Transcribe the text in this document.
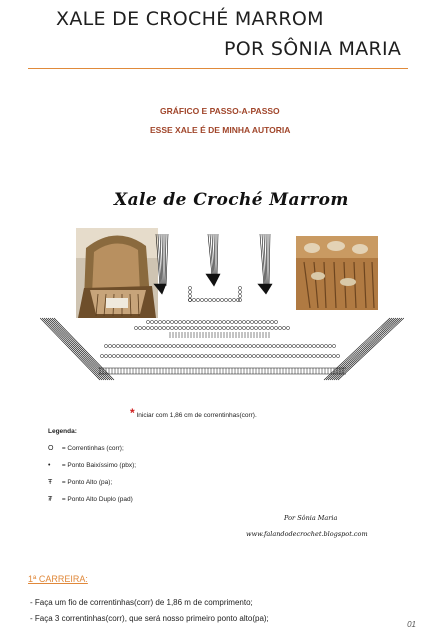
XALE DE CROCHÉ MARROM
POR SÔNIA MARIA
GRÁFICO E PASSO-A-PASSO
ESSE XALE É DE MINHA AUTORIA
Xale de Croché Marrom
* Iniciar com 1,86 cm de correntinhas(corr).
Legenda:
O = Correntinhas (corr);
• = Ponto Baixíssimo (pbx);
Ŧ = Ponto Alto (pa);
₮ = Ponto Alto Duplo (pad)
Por Sônia Maria
www.falandodecrochet.blogspot.com
1ª CARREIRA:
- Faça um fio de correntinhas(corr) de 1,86 m de comprimento;
- Faça 3 correntinhas(corr), que será nosso primeiro ponto alto(pa);
01
